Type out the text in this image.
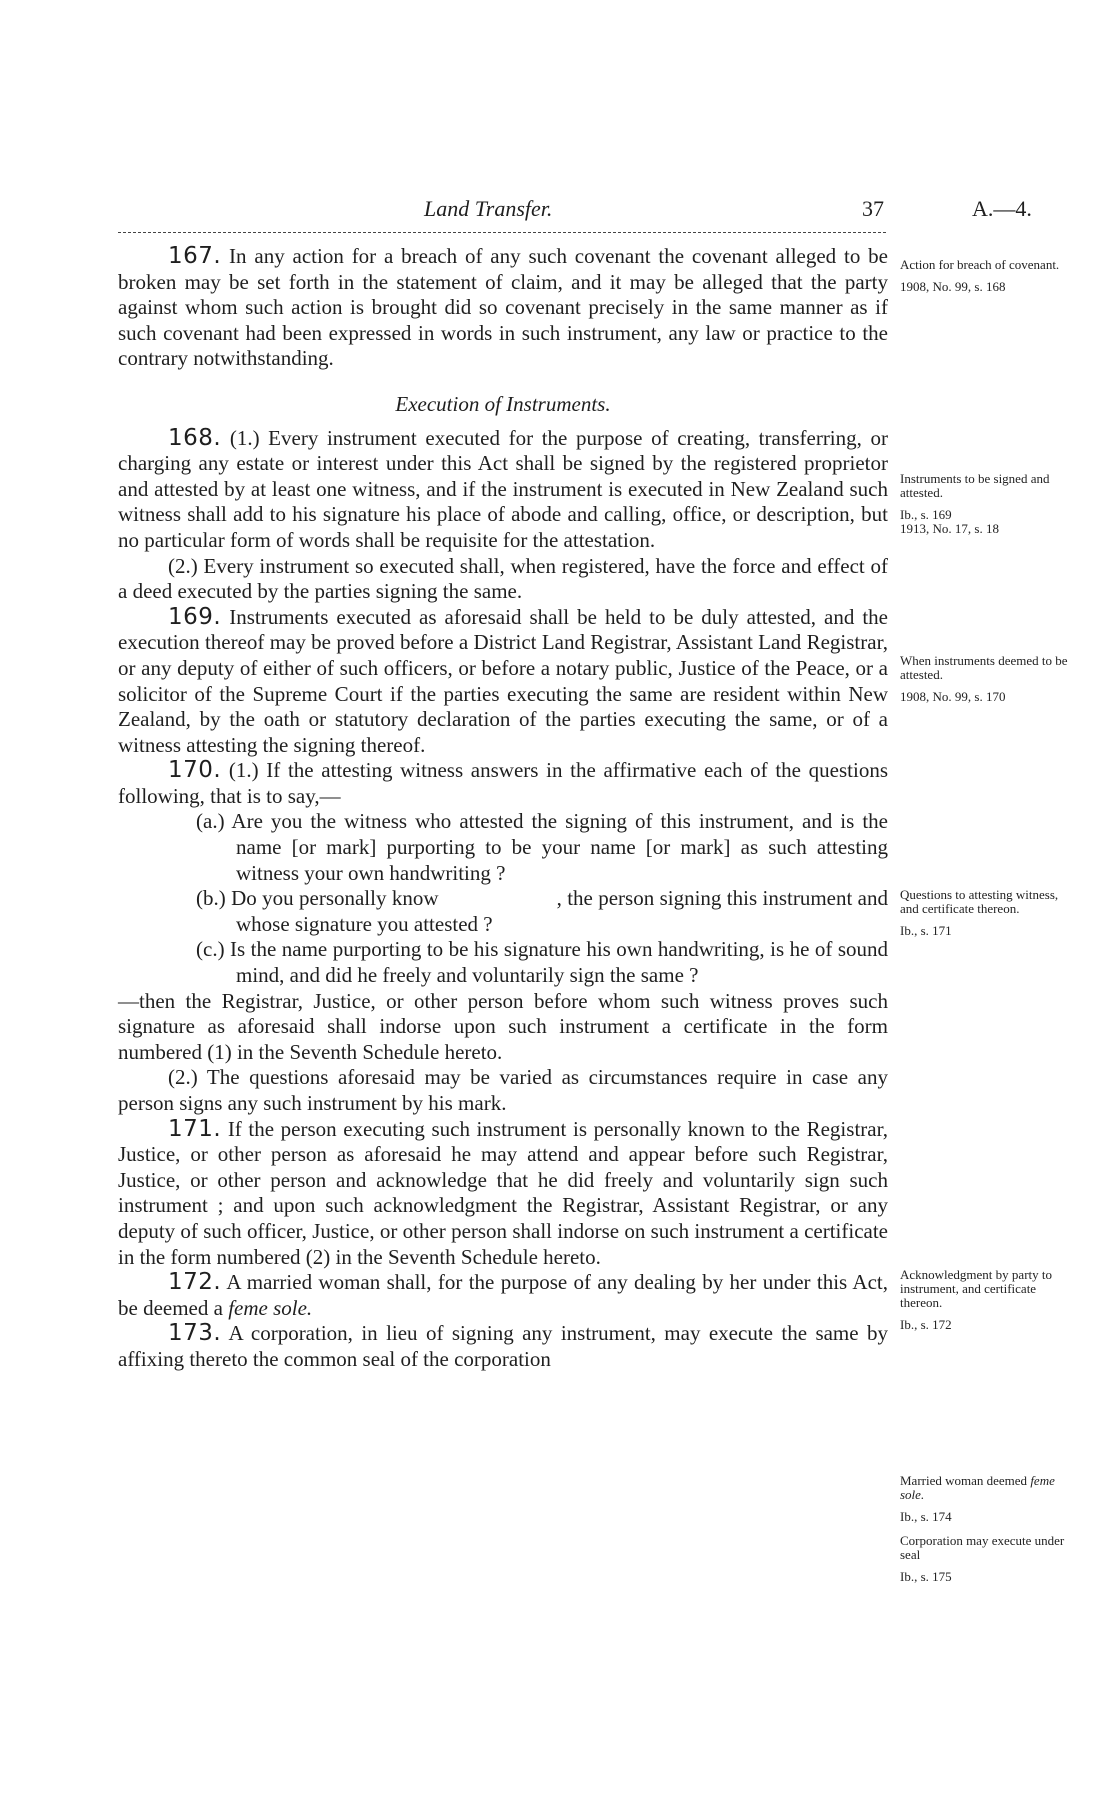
Land Transfer.	37	A.—4.

167. In any action for a breach of any such covenant the covenant alleged to be broken may be set forth in the statement of claim, and it may be alleged that the party against whom such action is brought did so covenant precisely in the same manner as if such covenant had been expressed in words in such instrument, any law or practice to the contrary notwithstanding.

Execution of Instruments.

168. (1.) Every instrument executed for the purpose of creating, transferring, or charging any estate or interest under this Act shall be signed by the registered proprietor and attested by at least one witness, and if the instrument is executed in New Zealand such witness shall add to his signature his place of abode and calling, office, or description, but no particular form of words shall be requisite for the attestation.

(2.) Every instrument so executed shall, when registered, have the force and effect of a deed executed by the parties signing the same.

169. Instruments executed as aforesaid shall be held to be duly attested, and the execution thereof may be proved before a District Land Registrar, Assistant Land Registrar, or any deputy of either of such officers, or before a notary public, Justice of the Peace, or a solicitor of the Supreme Court if the parties executing the same are resident within New Zealand, by the oath or statutory declaration of the parties executing the same, or of a witness attesting the signing thereof.

170. (1.) If the attesting witness answers in the affirmative each of the questions following, that is to say,—

(a.) Are you the witness who attested the signing of this instrument, and is the name [or mark] purporting to be your name [or mark] as such attesting witness your own handwriting ?

(b.) Do you personally know                      , the person signing this instrument and whose signature you attested ?

(c.) Is the name purporting to be his signature his own handwriting, is he of sound mind, and did he freely and voluntarily sign the same ?

—then the Registrar, Justice, or other person before whom such witness proves such signature as aforesaid shall indorse upon such instrument a certificate in the form numbered (1) in the Seventh Schedule hereto.

(2.) The questions aforesaid may be varied as circumstances require in case any person signs any such instrument by his mark.

171. If the person executing such instrument is personally known to the Registrar, Justice, or other person as aforesaid he may attend and appear before such Registrar, Justice, or other person and acknowledge that he did freely and voluntarily sign such instrument ; and upon such acknowledgment the Registrar, Assistant Registrar, or any deputy of such officer, Justice, or other person shall indorse on such instrument a certificate in the form numbered (2) in the Seventh Schedule hereto.

172. A married woman shall, for the purpose of any dealing by her under this Act, be deemed a feme sole.

173. A corporation, in lieu of signing any instrument, may execute the same by affixing thereto the common seal of the corporation

Action for breach of covenant.
1908, No. 99, s. 168
Instruments to be signed and attested.
Ib., s. 169
1913, No. 17, s. 18
When instruments deemed to be attested.
1908, No. 99, s. 170
Questions to attesting witness, and certificate thereon.
Ib., s. 171
Acknowledgment by party to instrument, and certificate thereon.
Ib., s. 172
Married woman deemed feme sole.
Ib., s. 174
Corporation may execute under seal
Ib., s. 175
